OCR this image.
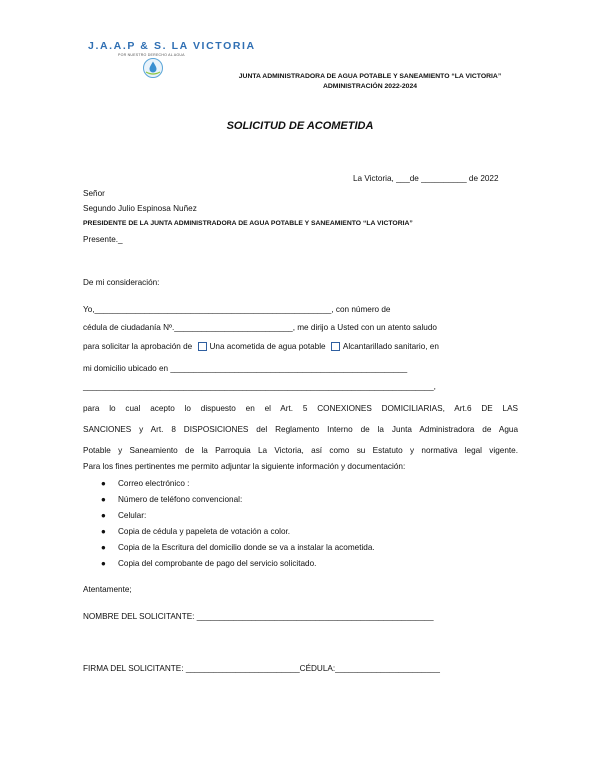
J.A.A.P & S. LA VICTORIA
POR NUESTRO DERECHO AL AGUA
JUNTA ADMINISTRADORA DE AGUA POTABLE Y SANEAMIENTO “LA VICTORIA”
ADMINISTRACIÓN 2022-2024
SOLICITUD DE ACOMETIDA
La Victoria, ___de __________ de 2022
Señor
Segundo Julio Espinosa Nuñez
PRESIDENTE DE LA JUNTA ADMINISTRADORA DE AGUA POTABLE Y SANEAMIENTO “LA VICTORIA”
Presente._
De mi consideración:
Yo,____________________________________________________, con número de
cédula de ciudadanía Nº.__________________________, me dirijo a Usted con un atento saludo
para solicitar la aprobación de Una acometida de agua potable Alcantarillado sanitario, en
mi domicilio ubicado en ____________________________________________________
_____________________________________________________________________________,
para lo cual acepto lo dispuesto en el Art. 5 CONEXIONES DOMICILIARIAS, Art.6 DE LAS
SANCIONES y Art. 8 DISPOSICIONES del Reglamento Interno de la Junta Administradora de Agua
Potable y Saneamiento de la Parroquia La Victoria, así como su Estatuto y normativa legal vigente.
Para los fines pertinentes me permito adjuntar la siguiente información y documentación:
● Correo electrónico :
● Número de teléfono convencional:
● Celular:
● Copia de cédula y papeleta de votación a color.
● Copia de la Escritura del domicilio donde se va a instalar la acometida.
● Copia del comprobante de pago del servicio solicitado.
Atentamente;
NOMBRE DEL SOLICITANTE: ____________________________________________________
FIRMA DEL SOLICITANTE: _________________________CÉDULA:_______________________
